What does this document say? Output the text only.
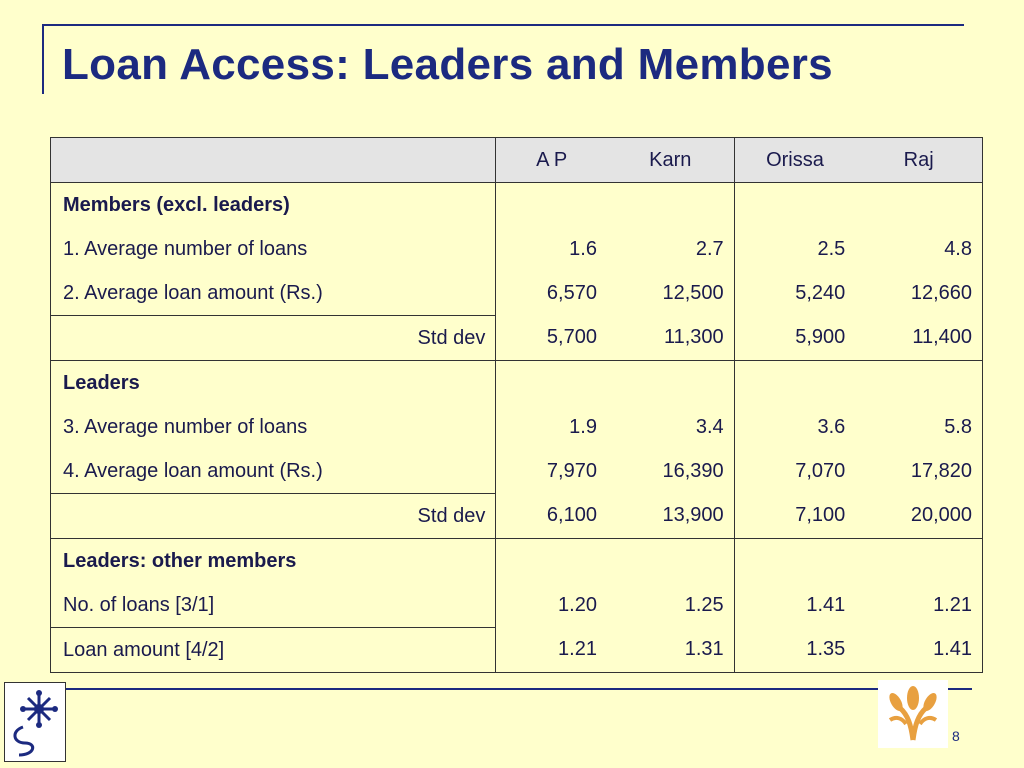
Loan Access: Leaders and Members
	A P	Karn	Orissa	Raj
Members (excl. leaders)				
1. Average number of loans	1.6	2.7	2.5	4.8
2. Average loan amount (Rs.)	6,570	12,500	5,240	12,660
Std dev	5,700	11,300	5,900	11,400
Leaders				
3. Average number of loans	1.9	3.4	3.6	5.8
4. Average loan amount (Rs.)	7,970	16,390	7,070	17,820
Std dev	6,100	13,900	7,100	20,000
Leaders: other members				
No. of loans [3/1]	1.20	1.25	1.41	1.21
Loan amount [4/2]	1.21	1.31	1.35	1.41
8
